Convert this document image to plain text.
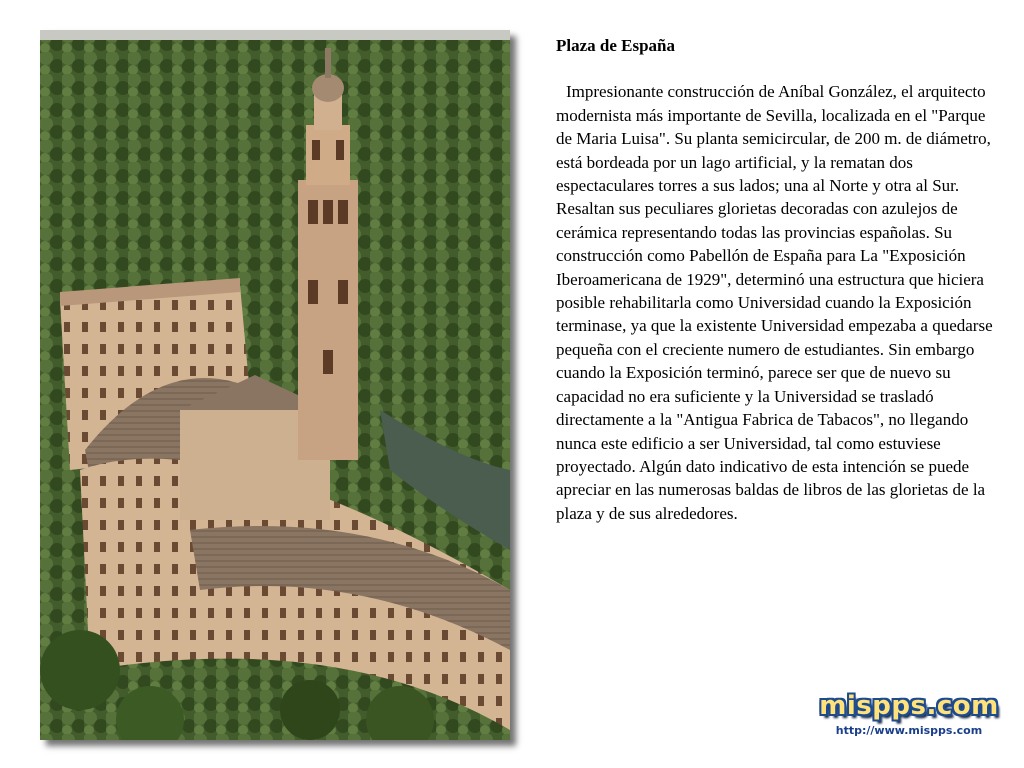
Plaza de España

Impresionante construcción de Aníbal González, el arquitecto modernista más importante de Sevilla, localizada en el "Parque de Maria Luisa". Su planta semicircular, de 200 m. de diámetro, está bordeada por un lago artificial, y la rematan dos espectaculares torres a sus lados; una al Norte y otra al Sur. Resaltan sus peculiares glorietas decoradas con azulejos de cerámica representando todas las provincias españolas. Su construcción como Pabellón de España para La "Exposición Iberoamericana de 1929", determinó una estructura que hiciera posible rehabilitarla como Universidad cuando la Exposición terminase, ya que la existente Universidad empezaba a quedarse pequeña con el creciente numero de estudiantes. Sin embargo cuando la Exposición terminó, parece ser que de nuevo su capacidad no era suficiente y la Universidad se trasladó directamente a la "Antigua Fabrica de Tabacos", no llegando nunca este edificio a ser Universidad, tal como estuviese proyectado. Algún dato indicativo de esta intención se puede apreciar en las numerosas baldas de libros de las glorietas de la plaza y de sus alrededores.

mispps.com
http://www.mispps.com
